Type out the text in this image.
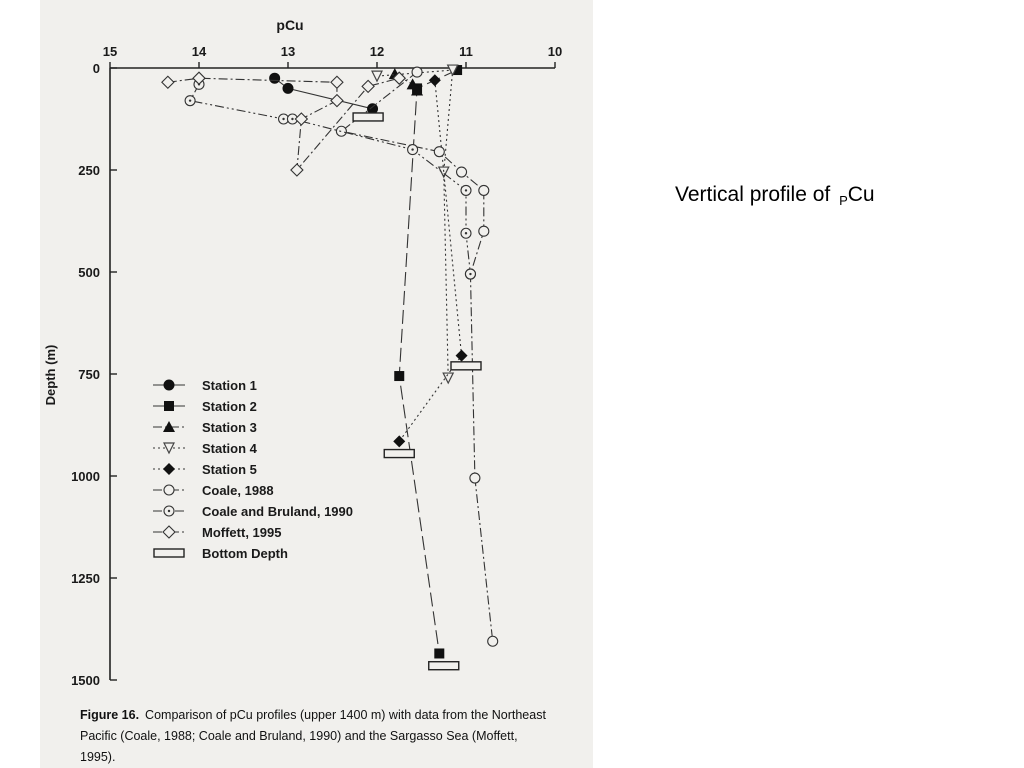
pCu
Depth (m)
15	14	13	12	11	10
0
250
500
750
1000
1250
1500
Station 1
Station 2
Station 3
Station 4
Station 5
Coale, 1988
Coale and Bruland, 1990
Moffett, 1995
Bottom Depth
Figure 16. Comparison of pCu profiles (upper 1400 m) with data from the Northeast Pacific (Coale, 1988; Coale and Bruland, 1990) and the Sargasso Sea (Moffett, 1995).
Vertical profile of $_P$Cu
